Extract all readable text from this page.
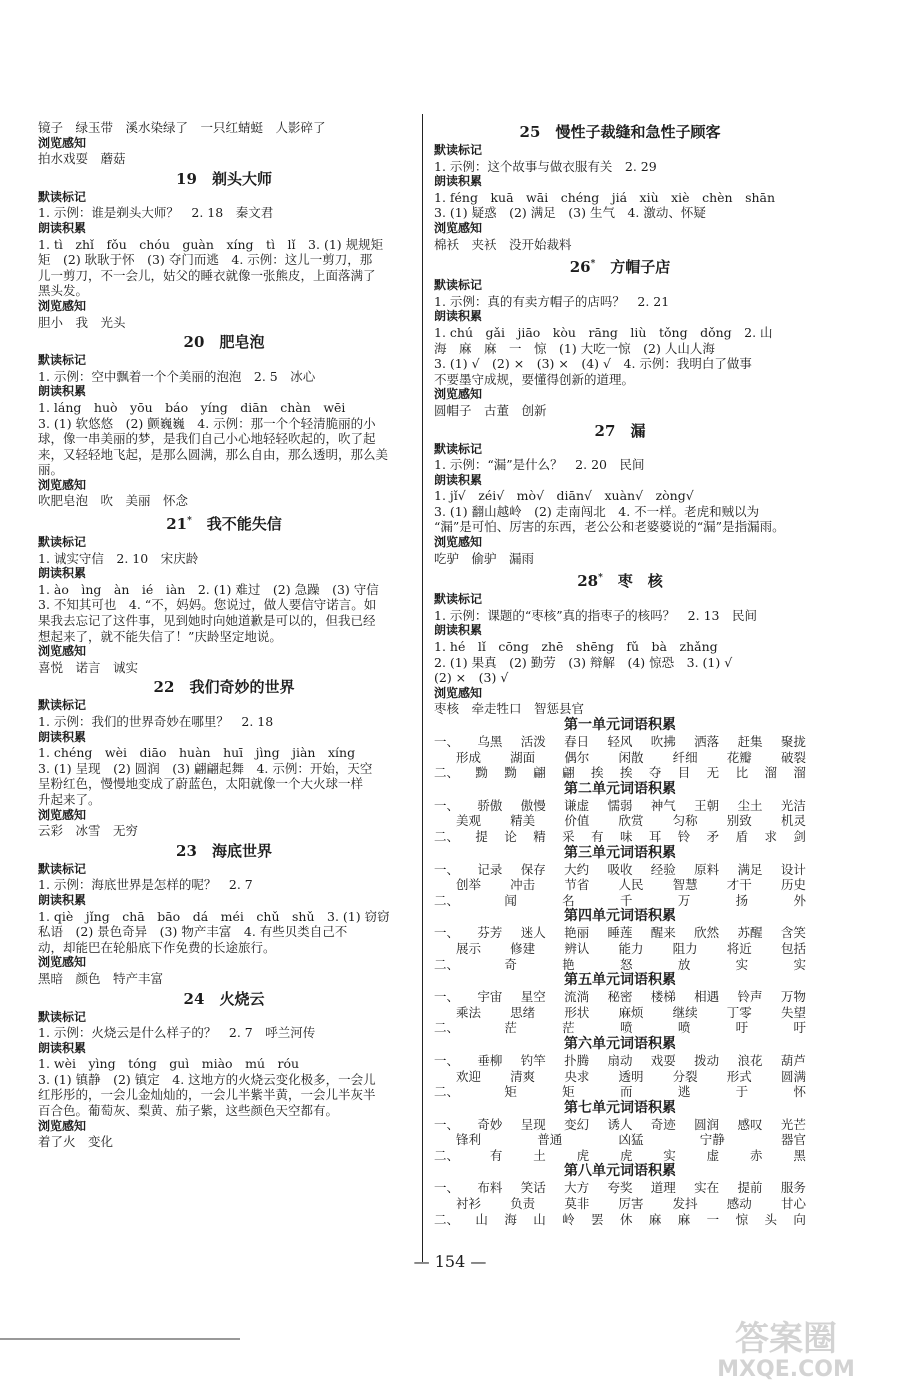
镜子　绿玉带　溪水染绿了　一只红蜻蜓　人影碎了
浏览感知
拍水戏耍　蘑菇
19　 剃头大师
默读标记
1. 示例：谁是剃头大师？　2. 18　秦文君
朗读积累
1. tì　zhǐ　fǒu　chóu　guàn　xíng　tì　lǐ　3. (1) 规规矩
矩　(2) 耿耿于怀　(3) 夺门而逃　4. 示例：这儿一剪刀，那
儿一剪刀，不一会儿，姑父的睡衣就像一张熊皮，上面落满了
黑头发。
浏览感知
胆小　我　光头
20　 肥皂泡
默读标记
1. 示例：空中飘着一个个美丽的泡泡　2. 5　冰心
朗读积累
1. láng　huò　yōu　báo　yíng　diān　chàn　wēi
3. (1) 软悠悠　(2) 颤巍巍　4. 示例：那一个个轻清脆丽的小
球，像一串美丽的梦，是我们自己小心地轻轻吹起的，吹了起
来，又轻轻地飞起，是那么圆满，那么自由，那么透明，那么美
丽。
浏览感知
吹肥皂泡　吹　美丽　怀念
21*　 我不能失信
默读标记
1. 诚实守信　2. 10　宋庆龄
朗读积累
1. ào　ìng　àn　ié　iàn　2. (1) 难过　(2) 急躁　(3) 守信
3. 不知其可也　4. “不，妈妈。您说过，做人要信守诺言。如
果我去忘记了这件事，见到她时向她道歉是可以的，但我已经
想起来了，就不能失信了！”庆龄坚定地说。
浏览感知
喜悦　诺言　诚实
22　 我们奇妙的世界
默读标记
1. 示例：我们的世界奇妙在哪里？　2. 18
朗读积累
1. chéng　wèi　diāo　huàn　huī　jìng　jiàn　xíng
3. (1) 呈现　(2) 圆润　(3) 翩翩起舞　4. 示例：开始，天空
呈粉红色，慢慢地变成了蔚蓝色，太阳就像一个大火球一样
升起来了。
浏览感知
云彩　冰雪　无穷
23　 海底世界
默读标记
1. 示例：海底世界是怎样的呢？　2. 7
朗读积累
1. qiè　jǐng　chā　bāo　dá　méi　chǔ　shǔ　3. (1) 窃窃
私语　(2) 景色奇异　(3) 物产丰富　4. 有些贝类自己不
动，却能巴在轮船底下作免费的长途旅行。
浏览感知
黑暗　颜色　特产丰富
24　 火烧云
默读标记
1. 示例：火烧云是什么样子的？　2. 7　呼兰河传
朗读积累
1. wèi　yìng　tóng　guì　miào　mú　róu
3. (1) 镇静　(2) 镇定　4. 这地方的火烧云变化极多，一会儿
红彤彤的，一会儿金灿灿的，一会儿半紫半黄，一会儿半灰半
百合色。葡萄灰、梨黄、茄子紫，这些颜色天空都有。
浏览感知
着了火　变化
25　 慢性子裁缝和急性子顾客
默读标记
1. 示例：这个故事与做衣服有关　2. 29
朗读积累
1. féng　kuā　wāi　chéng　jiá　xiù　xiè　chèn　shān
3. (1) 疑惑　(2) 满足　(3) 生气　4. 激动、怀疑
浏览感知
棉袄　夹袄　没开始裁料
26*　 方帽子店
默读标记
1. 示例：真的有卖方帽子的店吗？　2. 21
朗读积累
1. chú　gǎi　jiāo　kòu　rāng　liù　tǒng　dǒng　2. 山
海　麻　麻　一　惊　(1) 大吃一惊　(2) 人山人海
3. (1) √　(2) ×　(3) ×　(4) √　4. 示例：我明白了做事
不要墨守成规，要懂得创新的道理。
浏览感知
圆帽子　古董　创新
27　 漏
默读标记
1. 示例：“漏”是什么？　2. 20　民间
朗读积累
1. jǐ√　zéi√　mò√　diān√　xuàn√　zòng√
3. (1) 翻山越岭　(2) 走南闯北　4. 不一样。老虎和贼以为
“漏”是可怕、厉害的东西，老公公和老婆婆说的“漏”是指漏雨。
浏览感知
吃驴　偷驴　漏雨
28*　 枣　核
默读标记
1. 示例：课题的“枣核”真的指枣子的核吗？　2. 13　民间
朗读积累
1. hé　lǐ　cōng　zhē　shēng　fǔ　bà　zhǎng
2. (1) 果真　(2) 勤劳　(3) 辩解　(4) 惊恐　3. (1) √
(2) ×　(3) √
浏览感知
枣核　牵走牲口　智惩县官
第一单元词语积累
一、 乌黑 活泼 春日 轻风 吹拂 洒落 赶集 聚拢
形成 湖面 偶尔 闲散 纤细 花瓣 破裂
二、 黝 黝 翩 翩 挨 挨 夺 目 无 比 溜 溜
第二单元词语积累
一、 骄傲 傲慢 谦虚 懦弱 神气 王朝 尘土 光洁
美观 精美 价值 欣赏 匀称 别致 机灵
二、 提 论 精 采 有 味 耳 铃 矛 盾 求 剑
第三单元词语积累
一、 记录 保存 大约 吸收 经验 原料 满足 设计
创举 冲击 节省 人民 智慧 才干 历史
二、	闻	名	千	万	扬	外
第四单元词语积累
一、 芬芳 迷人 艳丽 睡莲 醒来 欣然 苏醒 含笑
展示 修建 辨认 能力 阻力 将近 包括
二、	奇	艳	怒	放	实	实
第五单元词语积累
一、 宇宙 星空 流淌 秘密 楼梯 相遇 铃声 万物
乘法 思绪 形状 麻烦 继续 丁零 失望
二、	茫	茫	喷	喷	吁	吁
第六单元词语积累
一、 垂柳 钓竿 扑腾 扇动 戏耍 拨动 浪花 葫芦
欢迎 清爽 央求 透明 分裂 形式 圆满
二、	矩	矩	而	逃	于	怀
第七单元词语积累
一、 奇妙 呈现 变幻 诱人 奇迹 圆润 感叹 光芒
锋利	普通	凶猛	宁静	器官
二、 有 土 虎 虎 实 虚 赤 黑
第八单元词语积累
一、 布料 笑话 大方 夸奖 道理 实在 提前 服务
衬衫 负责 莫非 厉害 发抖 感动 甘心
二、 山 海 山 岭 罢 休 麻 麻 一 惊 头 向
— 154 —
答案圈
MXQE.COM
